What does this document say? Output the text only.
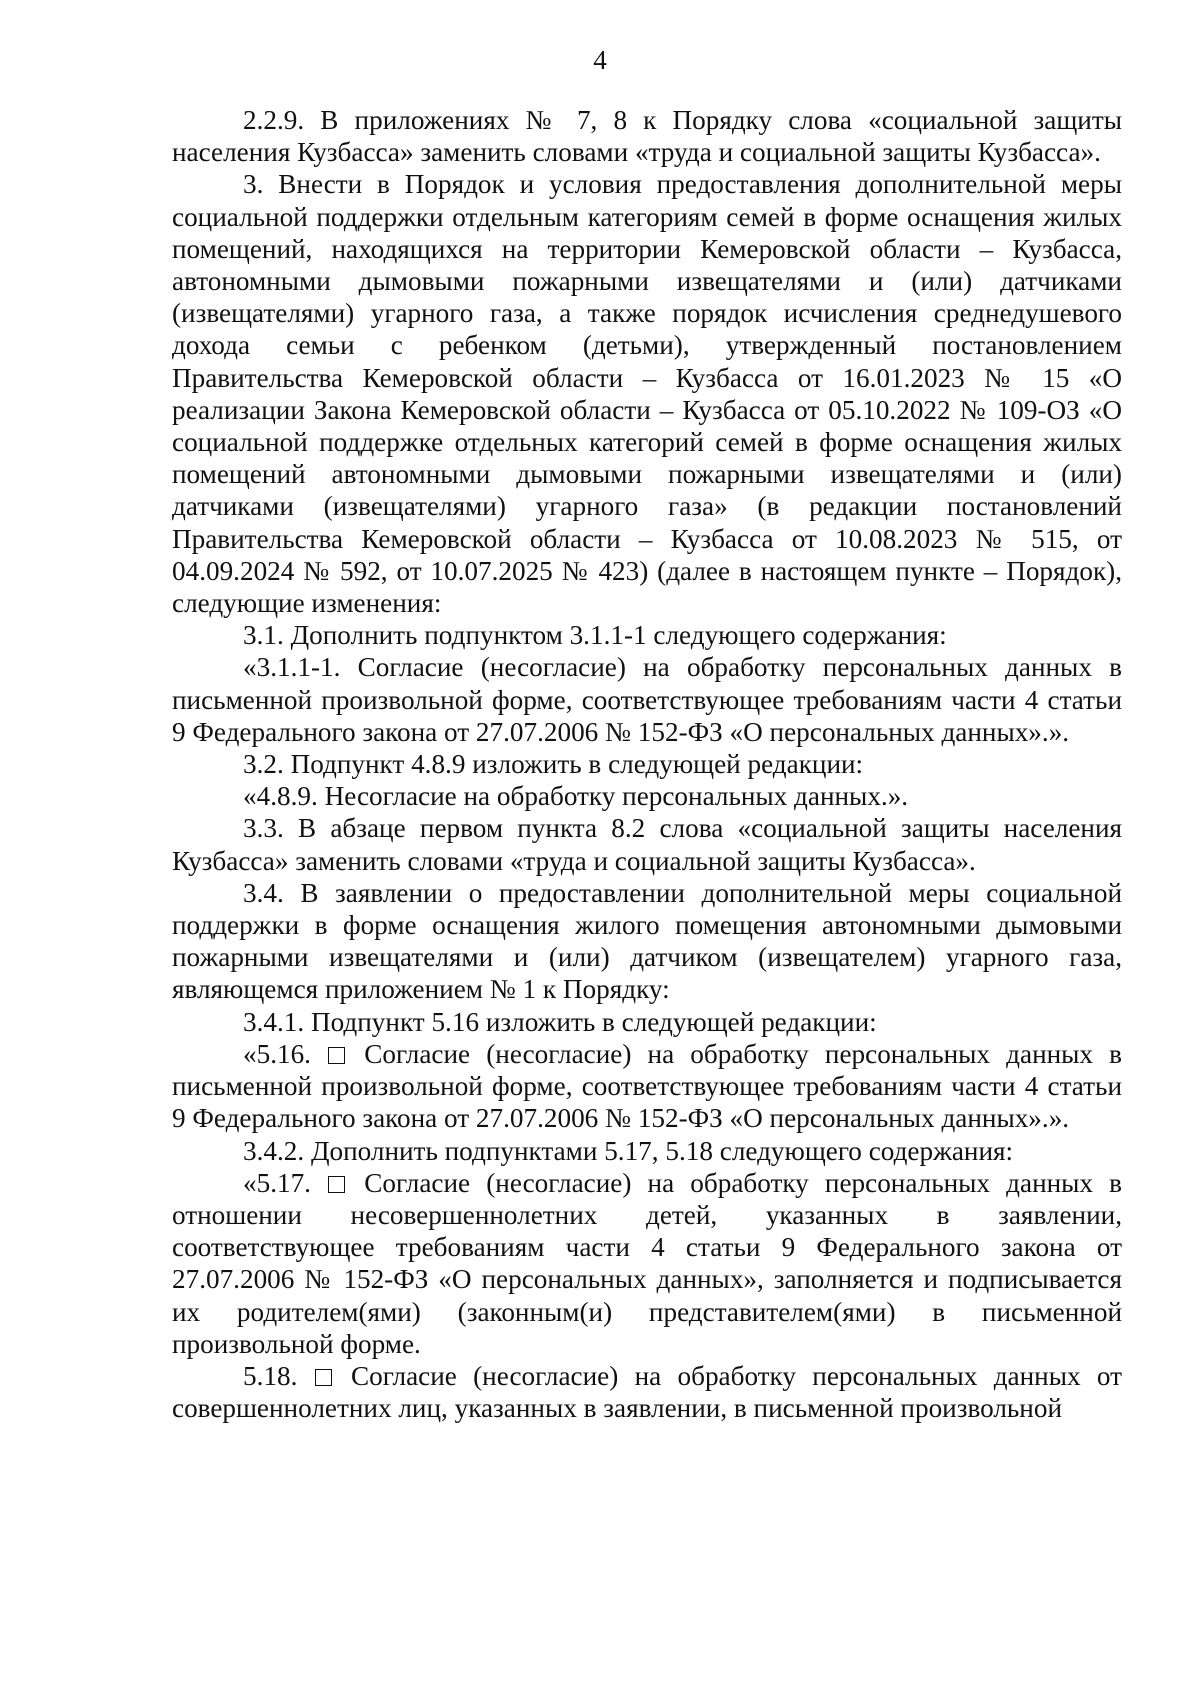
4

2.2.9. В приложениях № 7, 8 к Порядку слова «социальной защиты населения Кузбасса» заменить словами «труда и социальной защиты Кузбасса».

3. Внести в Порядок и условия предоставления дополнительной меры социальной поддержки отдельным категориям семей в форме оснащения жилых помещений, находящихся на территории Кемеровской области – Кузбасса, автономными дымовыми пожарными извещателями и (или) датчиками (извещателями) угарного газа, а также порядок исчисления среднедушевого дохода семьи с ребенком (детьми), утвержденный постановлением Правительства Кемеровской области – Кузбасса от 16.01.2023 № 15 «О реализации Закона Кемеровской области – Кузбасса от 05.10.2022 № 109-ОЗ «О социальной поддержке отдельных категорий семей в форме оснащения жилых помещений автономными дымовыми пожарными извещателями и (или) датчиками (извещателями) угарного газа» (в редакции постановлений Правительства Кемеровской области – Кузбасса от 10.08.2023 № 515, от 04.09.2024 № 592, от 10.07.2025 № 423) (далее в настоящем пункте – Порядок), следующие изменения:

3.1. Дополнить подпунктом 3.1.1-1 следующего содержания:

«3.1.1-1. Согласие (несогласие) на обработку персональных данных в письменной произвольной форме, соответствующее требованиям части 4 статьи 9 Федерального закона от 27.07.2006 № 152-ФЗ «О персональных данных».».

3.2. Подпункт 4.8.9 изложить в следующей редакции:

«4.8.9. Несогласие на обработку персональных данных.».

3.3. В абзаце первом пункта 8.2 слова «социальной защиты населения Кузбасса» заменить словами «труда и социальной защиты Кузбасса».

3.4. В заявлении о предоставлении дополнительной меры социальной поддержки в форме оснащения жилого помещения автономными дымовыми пожарными извещателями и (или) датчиком (извещателем) угарного газа, являющемся приложением № 1 к Порядку:

3.4.1. Подпункт 5.16 изложить в следующей редакции:

«5.16. Согласие (несогласие) на обработку персональных данных в письменной произвольной форме, соответствующее требованиям части 4 статьи 9 Федерального закона от 27.07.2006 № 152-ФЗ «О персональных данных».».

3.4.2. Дополнить подпунктами 5.17, 5.18 следующего содержания:

«5.17. Согласие (несогласие) на обработку персональных данных в отношении несовершеннолетних детей, указанных в заявлении, соответствующее требованиям части 4 статьи 9 Федерального закона от 27.07.2006 № 152-ФЗ «О персональных данных», заполняется и подписывается их родителем(ями) (законным(и) представителем(ями) в письменной произвольной форме.

5.18. Согласие (несогласие) на обработку персональных данных от совершеннолетних лиц, указанных в заявлении, в письменной произвольной
